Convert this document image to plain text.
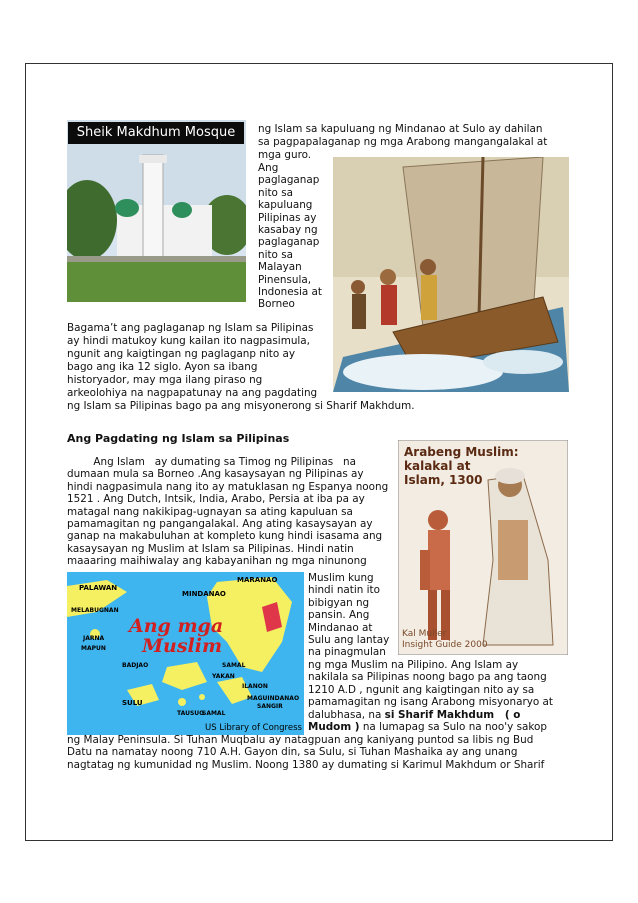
Sheik Makdhum Mosque	ng Islam sa kapuluang ng Mindanao at Sulo ay dahilan

sa pagpapalaganap ng mga Arabong mangangalakal at

mga guro.

Ang

paglaganap

nito sa

kapuluang

Pilipinas ay

kasabay ng

paglaganap

nito sa

Malayan

Pinensula,

Indonesia at

Borneo

Bagama’t ang paglaganap ng Islam sa Pilipinas

ay hindi matukoy kung kailan ito nagpasimula,

ngunit ang kaigtingan ng paglaganp nito ay

bago ang ika 12 siglo. Ayon sa ibang

historyador, may mga ilang piraso ng

arkeolohiya na nagpapatunay na ang pagdating

ng Islam sa Pilipinas bago pa ang misyonerong si Sharif Makhdum.

Ang Pagdating ng Islam sa Pilipinas

Ang Islam   ay dumating sa Timog ng Pilipinas   na

dumaan mula sa Borneo .Ang kasaysayan ng Pilipinas ay

hindi nagpasimula nang ito ay matuklasan ng Espanya noong

1521 . Ang Dutch, Intsik, India, Arabo, Persia at iba pa ay

matagal nang nakikipag-ugnayan sa ating kapuluan sa

pamamagitan ng pangangalakal. Ang ating kasaysayan ay

ganap na makabuluhan at kompleto kung hindi isasama ang

kasaysayan ng Muslim at Islam sa Pilipinas. Hindi natin

maaaring maihiwalay ang kabayanihan ng mga ninunong

Arabeng Muslim:
kalakal at
Islam, 1300
Kal Muller
Insight Guide 2000
Ang mga
Muslim
PALAWAN
MARANAO
MINDANAO
MELABUGNAN
JARNA
MAPUN
BADJAO	SAMAL
YAKAN
ILANON
MAGUINDANAO
SANGIR
SULU
TAUSUG
SAMAL
US Library of Congress

Muslim kung

hindi natin ito

bibigyan ng

pansin. Ang

Mindanao at

Sulu ang lantay

na pinagmulan

ng mga Muslim na Pilipino. Ang Islam ay

nakilala sa Pilipinas noong bago pa ang taong

1210 A.D , ngunit ang kaigtingan nito ay sa

pamamagitan ng isang Arabong misyonaryo at

dalubhasa, na si Sharif Makhdum   ( o

Mudom ) na lumapag sa Sulo na noo'y sakop

ng Malay Peninsula. Si Tuhan Muqbalu ay natagpuan ang kaniyang puntod sa libis ng Bud

Datu na namatay noong 710 A.H. Gayon din, sa Sulu, si Tuhan Mashaika ay ang unang

nagtatag ng kumunidad ng Muslim. Noong 1380 ay dumating si Karimul Makhdum or Sharif
